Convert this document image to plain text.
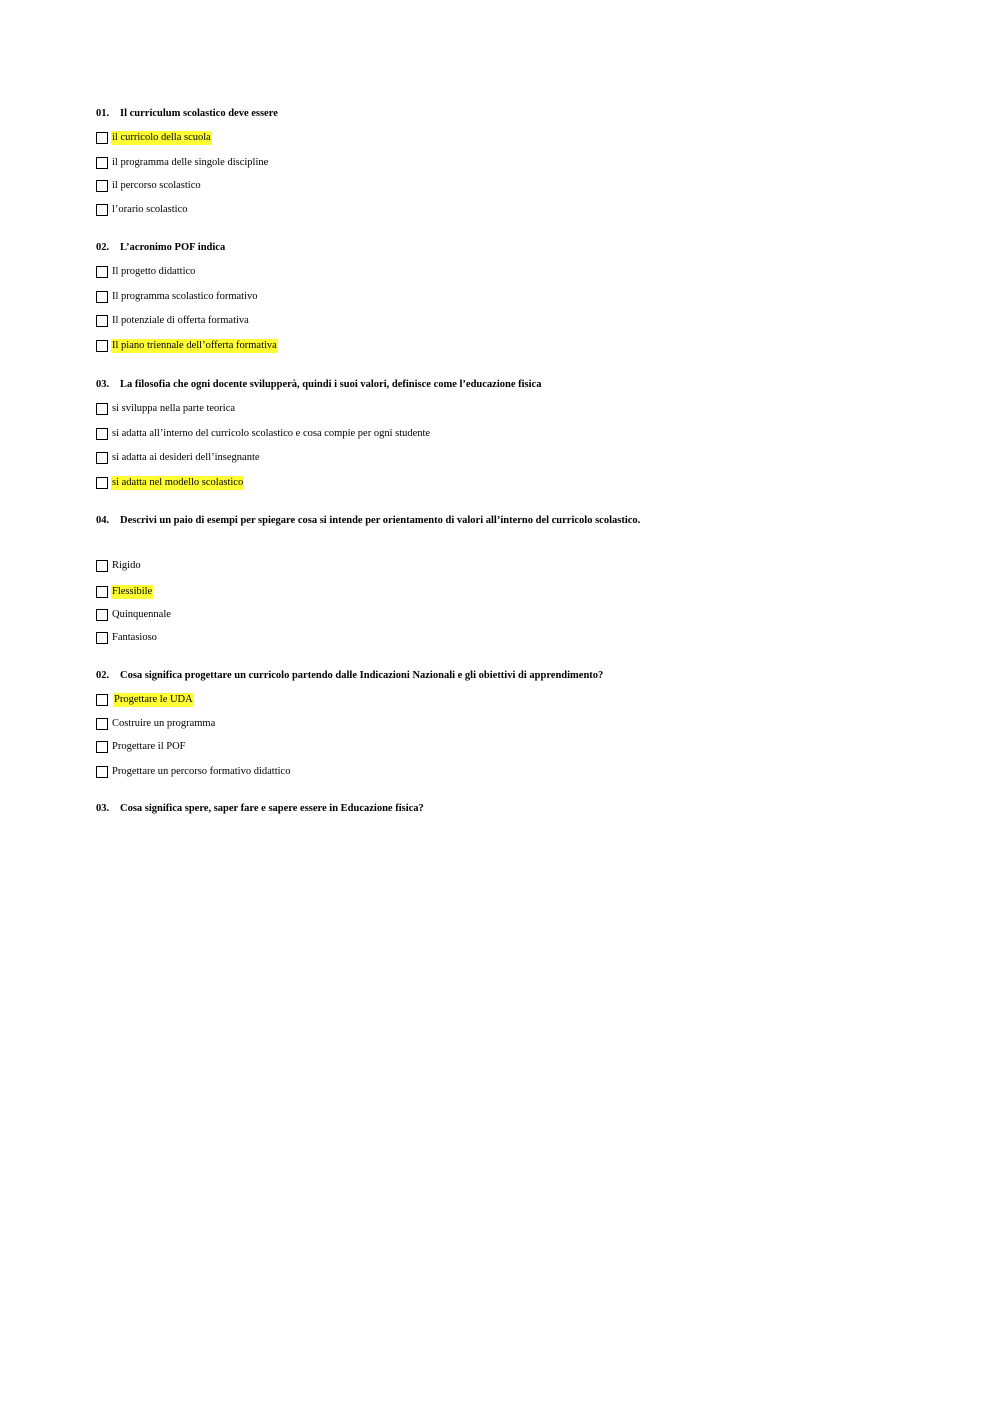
01. Il curriculum scolastico deve essere

il curricolo della scuola
il programma delle singole discipline
il percorso scolastico
l’orario scolastico

02. L’acronimo POF indica

Il progetto didattico
Il programma scolastico formativo
Il potenziale di offerta formativa
Il piano triennale dell’offerta formativa

03. La filosofia che ogni docente svilupperà, quindi i suoi valori, definisce come l’educazione fisica

si sviluppa nella parte teorica
si adatta all’interno del curricolo scolastico e cosa compie per ogni studente
si adatta ai desideri dell’insegnante
si adatta nel modello scolastico

04. Descrivi un paio di esempi per spiegare cosa si intende per orientamento di valori all’interno del curricolo scolastico.

Rigido
Flessibile
Quinquennale
Fantasioso

02. Cosa significa progettare un curricolo partendo dalle Indicazioni Nazionali e gli obiettivi di apprendimento?

Progettare le UDA
Costruire un programma
Progettare il POF
Progettare un percorso formativo didattico

03. Cosa significa spere, saper fare e sapere essere in Educazione fisica?
